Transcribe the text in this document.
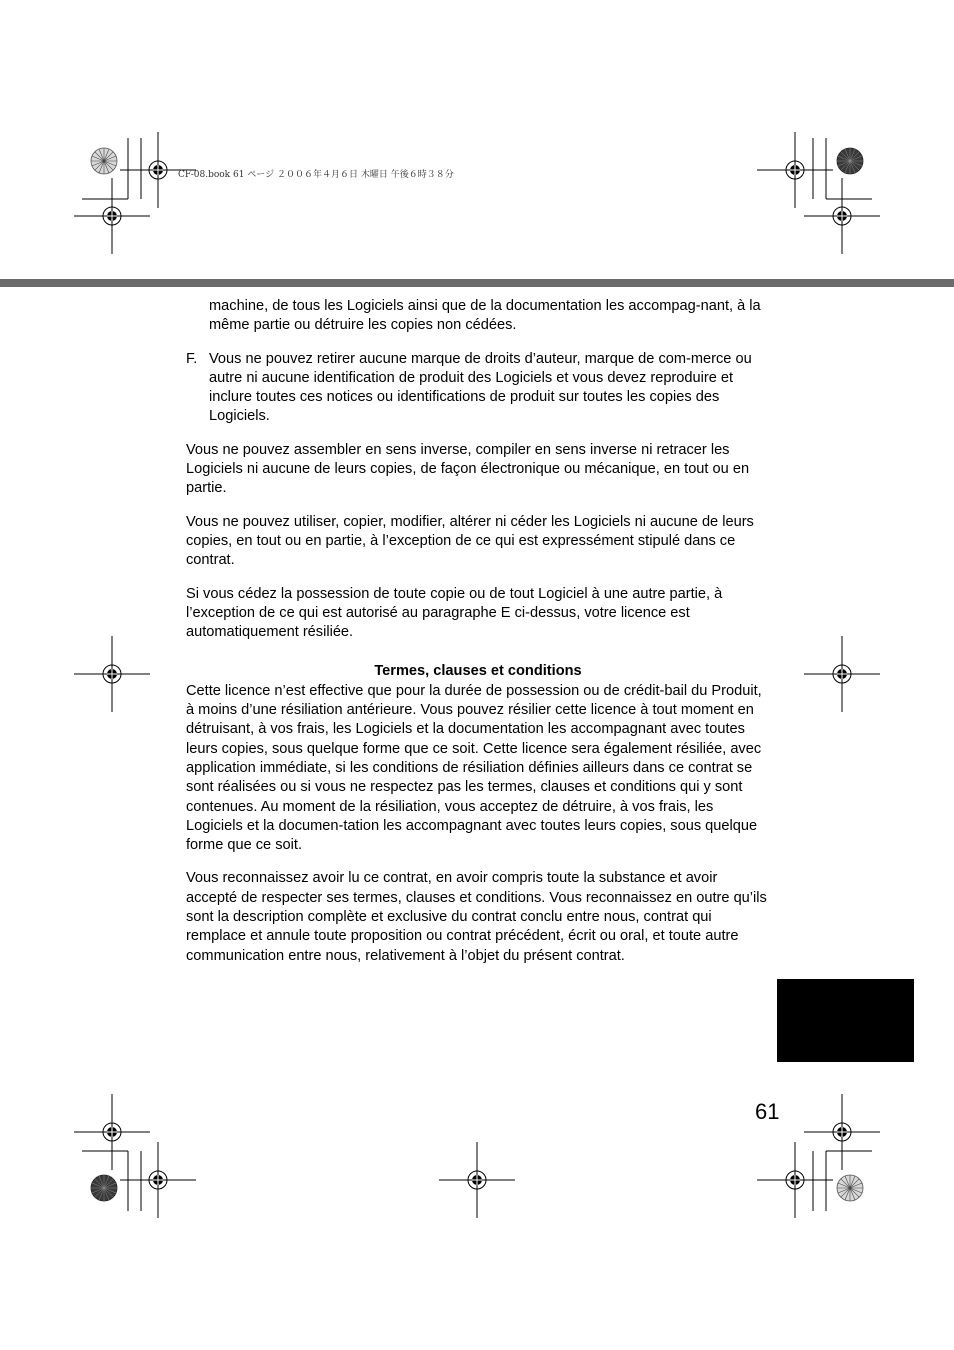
CF-08.book 61 ページ ２００６年４月６日 木曜日 午後６時３８分

machine, de tous les Logiciels ainsi que de la documentation les accompag-nant, à la même partie ou détruire les copies non cédées.

F. Vous ne pouvez retirer aucune marque de droits d’auteur, marque de com-merce ou autre ni aucune identification de produit des Logiciels et vous devez reproduire et inclure toutes ces notices ou identifications de produit sur toutes les copies des Logiciels.

Vous ne pouvez assembler en sens inverse, compiler en sens inverse ni retracer les Logiciels ni aucune de leurs copies, de façon électronique ou mécanique, en tout ou en partie.

Vous ne pouvez utiliser, copier, modifier, altérer ni céder les Logiciels ni aucune de leurs copies, en tout ou en partie, à l’exception de ce qui est expressément stipulé dans ce contrat.

Si vous cédez la possession de toute copie ou de tout Logiciel à une autre partie, à l’exception de ce qui est autorisé au paragraphe E ci-dessus, votre licence est automatiquement résiliée.

Termes, clauses et conditions

Cette licence n’est effective que pour la durée de possession ou de crédit-bail du Produit, à moins d’une résiliation antérieure. Vous pouvez résilier cette licence à tout moment en détruisant, à vos frais, les Logiciels et la documentation les accompagnant avec toutes leurs copies, sous quelque forme que ce soit. Cette licence sera également résiliée, avec application immédiate, si les conditions de résiliation définies ailleurs dans ce contrat se sont réalisées ou si vous ne respectez pas les termes, clauses et conditions qui y sont contenues. Au moment de la résiliation, vous acceptez de détruire, à vos frais, les Logiciels et la documen-tation les accompagnant avec toutes leurs copies, sous quelque forme que ce soit.

Vous reconnaissez avoir lu ce contrat, en avoir compris toute la substance et avoir accepté de respecter ses termes, clauses et conditions. Vous reconnaissez en outre qu’ils sont la description complète et exclusive du contrat conclu entre nous, contrat qui remplace et annule toute proposition ou contrat précédent, écrit ou oral, et toute autre communication entre nous, relativement à l’objet du présent contrat.

61
